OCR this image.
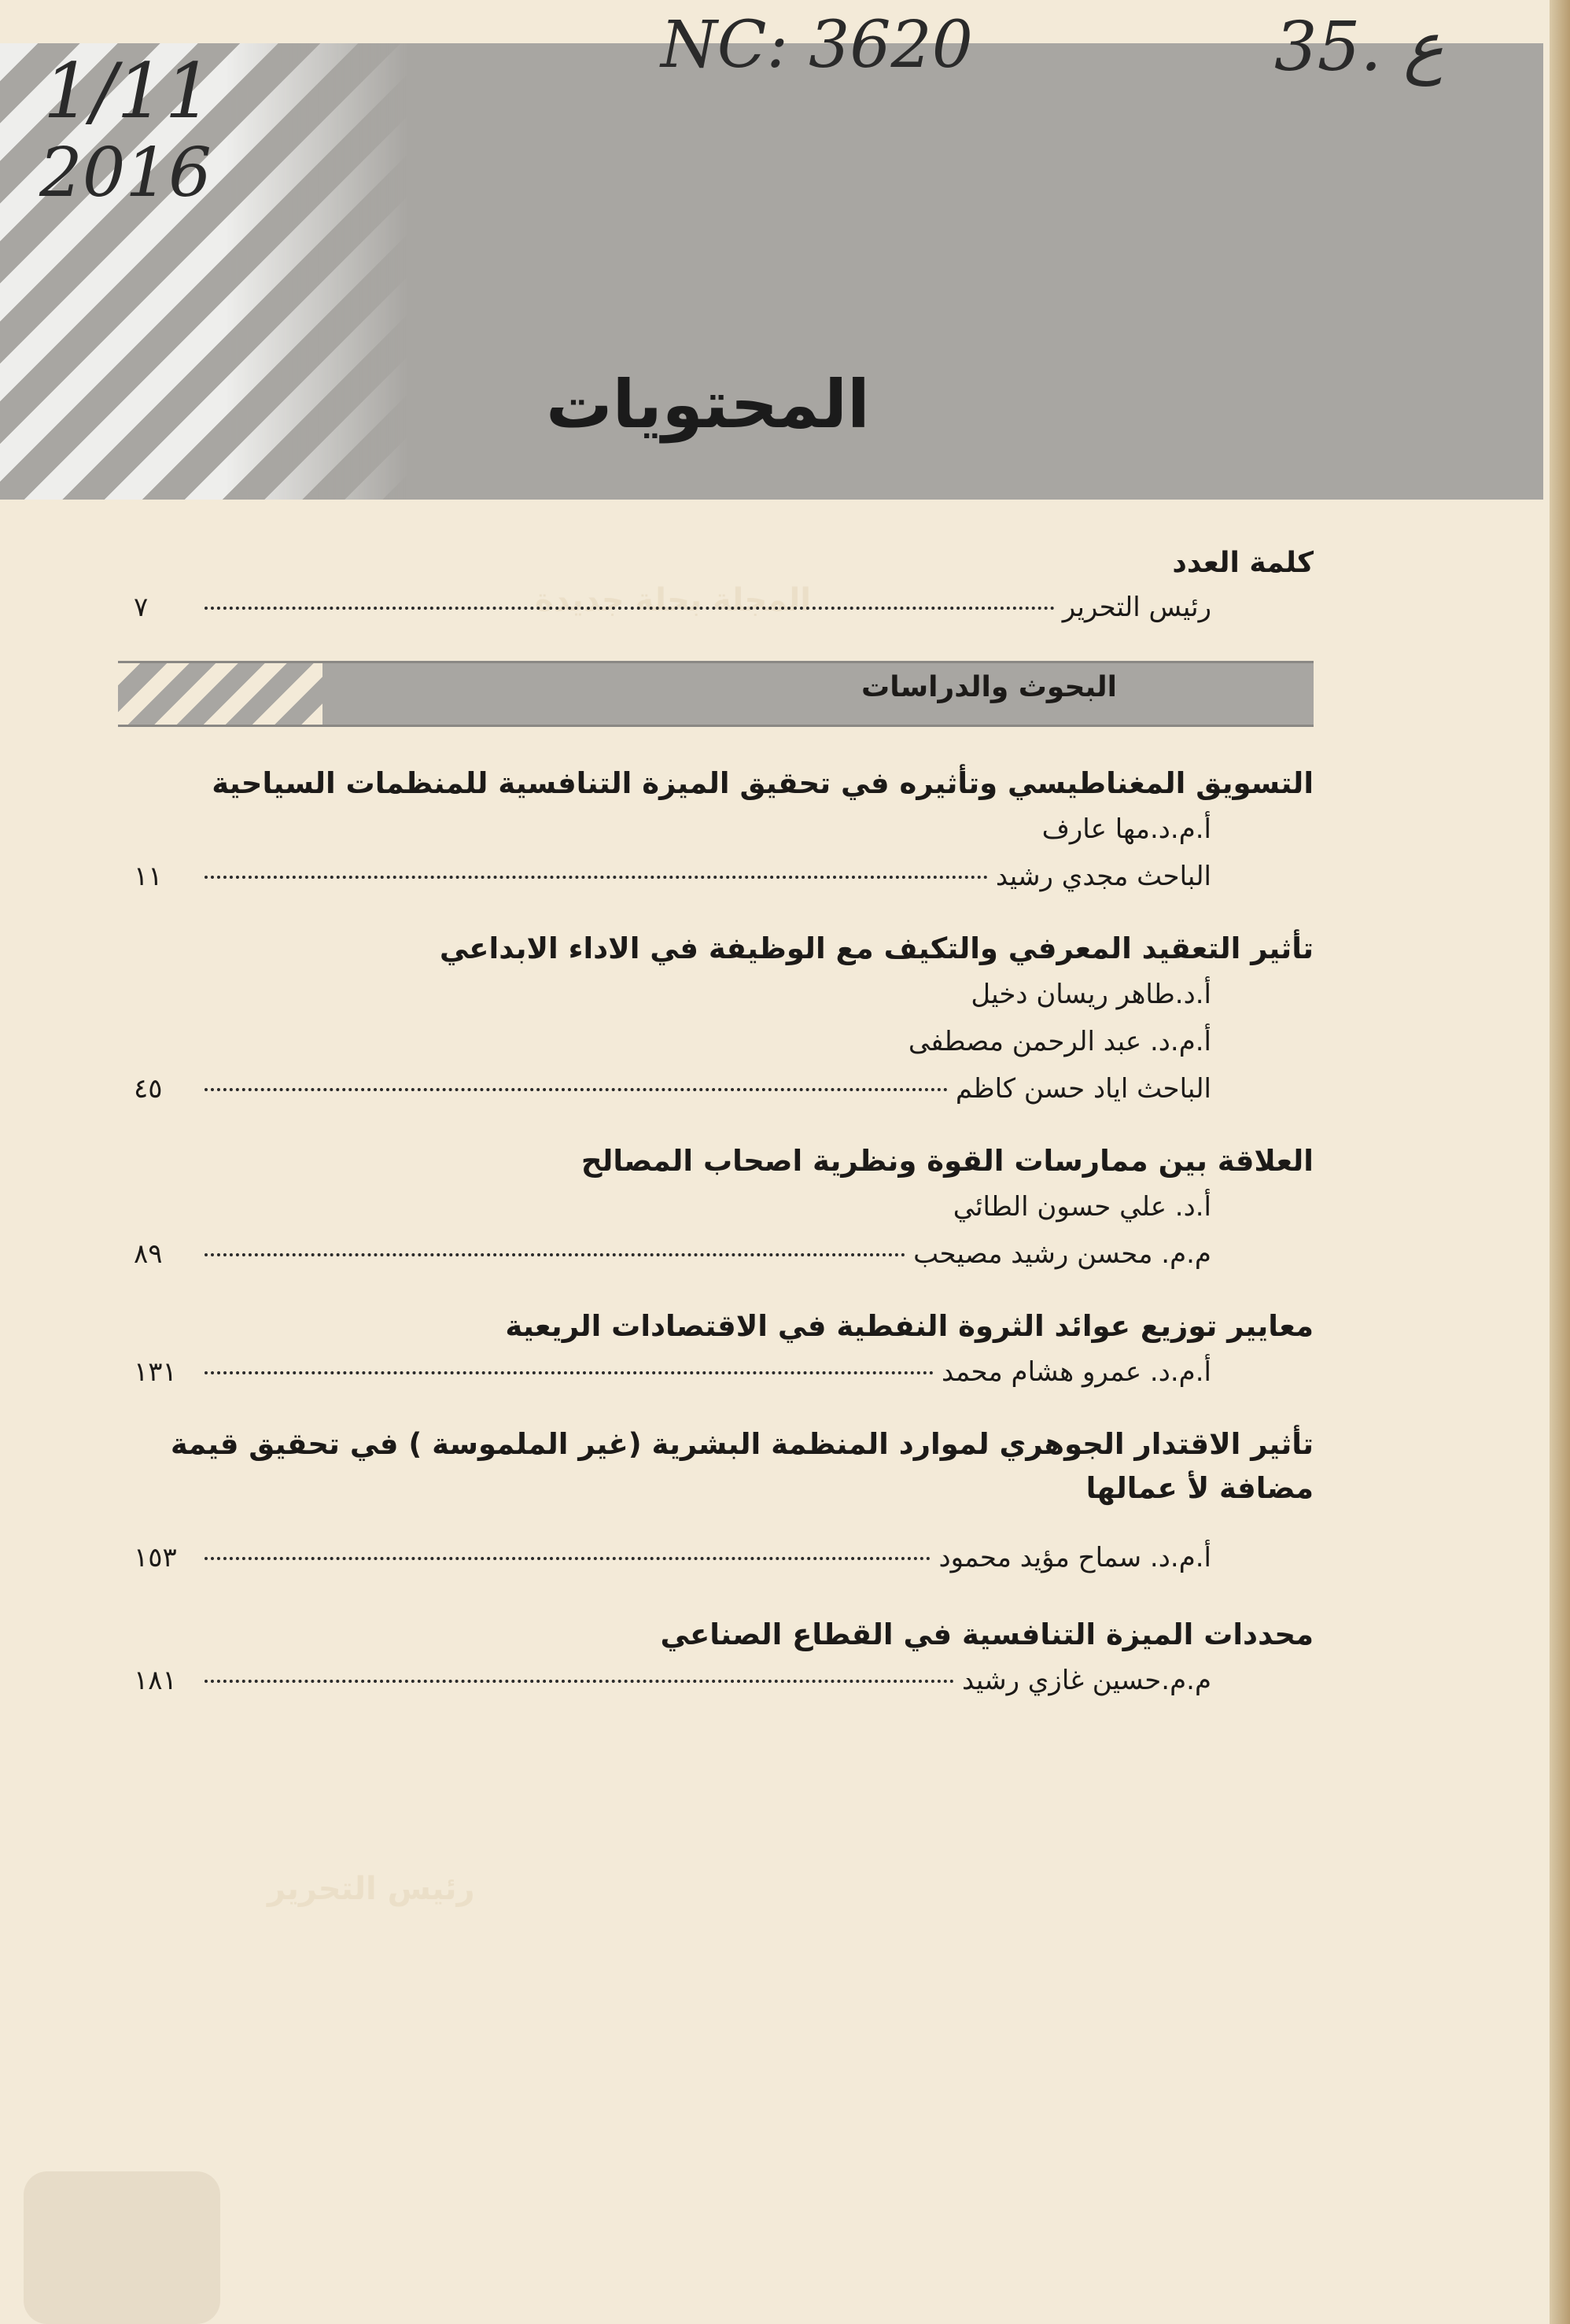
المحتويات
1/11
2016
NC: 3620	35. ع
المجلة بحلة جديدة
رئيس التحرير

كلمة العدد

رئيس التحرير
٧
البحوث والدراسات

التسويق المغناطيسي وتأثيره في تحقيق الميزة التنافسية للمنظمات السياحية

أ.م.د.مها عارف
الباحث مجدي رشيد
١١

تأثير التعقيد المعرفي والتكيف مع الوظيفة في الاداء الابداعي

أ.د.طاهر ريسان دخيل
أ.م.د. عبد الرحمن مصطفى
الباحث اياد حسن كاظم
٤٥

العلاقة بين ممارسات القوة ونظرية اصحاب المصالح

أ.د. علي حسون الطائي
م.م. محسن رشيد مصيحب
٨٩

معايير توزيع عوائد الثروة النفطية في الاقتصادات الريعية

أ.م.د. عمرو هشام محمد
١٣١

تأثير الاقتدار الجوهري لموارد المنظمة البشرية (غير الملموسة ) في تحقيق قيمة مضافة لأ عمالها

أ.م.د. سماح مؤيد محمود
١٥٣

محددات الميزة التنافسية في القطاع الصناعي

م.م.حسين غازي رشيد
١٨١
